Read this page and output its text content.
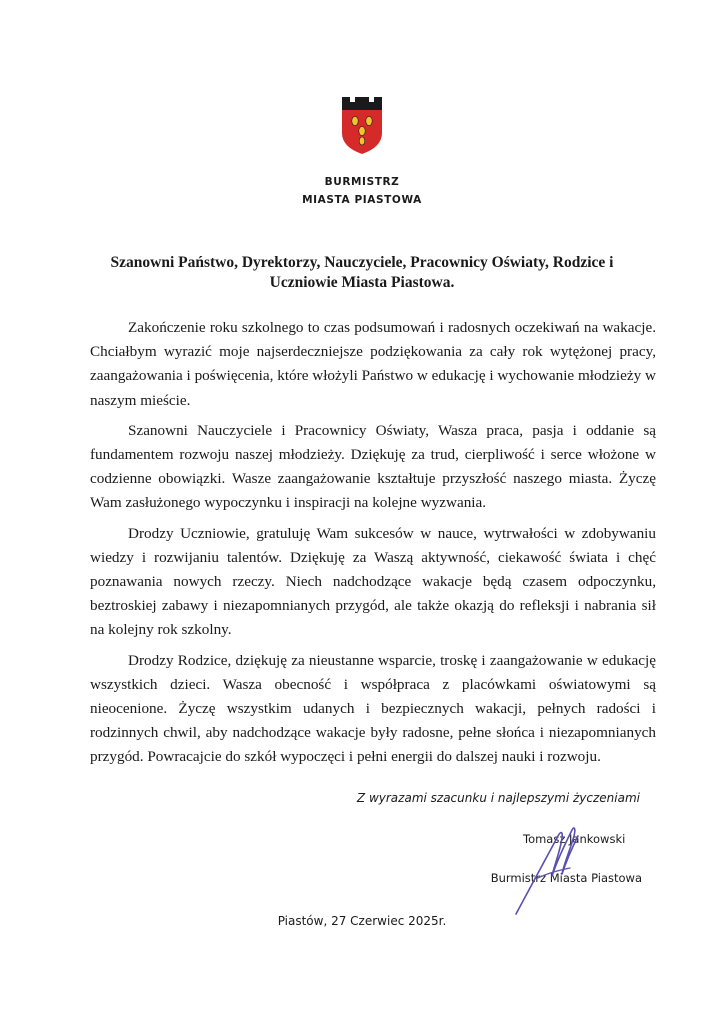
BURMISTRZ
MIASTA PIASTOWA
Szanowni Państwo, Dyrektorzy, Nauczyciele, Pracownicy Oświaty, Rodzice i Uczniowie Miasta Piastowa.

Zakończenie roku szkolnego to czas podsumowań i radosnych oczekiwań na wakacje. Chciałbym wyrazić moje najserdeczniejsze podziękowania za cały rok wytężonej pracy, zaangażowania i poświęcenia, które włożyli Państwo w edukację i wychowanie młodzieży w naszym mieście.

Szanowni Nauczyciele i Pracownicy Oświaty, Wasza praca, pasja i oddanie są fundamentem rozwoju naszej młodzieży. Dziękuję za trud, cierpliwość i serce włożone w codzienne obowiązki. Wasze zaangażowanie kształtuje przyszłość naszego miasta. Życzę Wam zasłużonego wypoczynku i inspiracji na kolejne wyzwania.

Drodzy Uczniowie, gratuluję Wam sukcesów w nauce, wytrwałości w zdobywaniu wiedzy i rozwijaniu talentów. Dziękuję za Waszą aktywność, ciekawość świata i chęć poznawania nowych rzeczy. Niech nadchodzące wakacje będą czasem odpoczynku, beztroskiej zabawy i niezapomnianych przygód, ale także okazją do refleksji i nabrania sił na kolejny rok szkolny.

Drodzy Rodzice, dziękuję za nieustanne wsparcie, troskę i zaangażowanie w edukację wszystkich dzieci. Wasza obecność i współpraca z placówkami oświatowymi są nieocenione. Życzę wszystkim udanych i bezpiecznych wakacji, pełnych radości i rodzinnych chwil, aby nadchodzące wakacje były radosne, pełne słońca i niezapomnianych przygód. Powracajcie do szkół wypoczęci i pełni energii do dalszej nauki i rozwoju.

Z wyrazami szacunku i najlepszymi życzeniami
Tomasz Jankowski
Burmistrz Miasta Piastowa
Piastów, 27 Czerwiec 2025r.
